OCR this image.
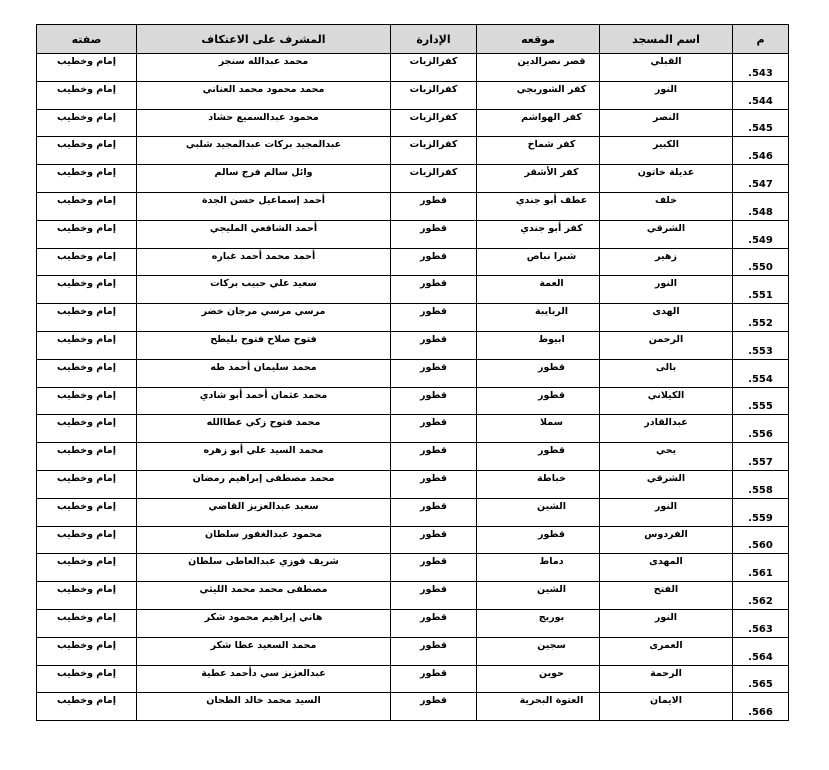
م	اسم المسجد	موقعه	الإدارة	المشرف على الاعتكاف	صفته
543.	القبلي	قصر نصرالدين	كفرالزيات	محمد عبدالله سنجر	إمام وخطيب
544.	النور	كفر الشوربجي	كفرالزيات	محمد محمود محمد العناني	إمام وخطيب
545.	النصر	كفر الهواشم	كفرالزيات	محمود عبدالسميع حشاد	إمام وخطيب
546.	الكبير	كفر شماخ	كفرالزيات	عبدالمجيد بركات عبدالمجيد شلبي	إمام وخطيب
547.	عديلة خاتون	كفر الأشقر	كفرالزيات	وائل سالم فرج سالم	إمام وخطيب
548.	خلف	عطف أبو جندي	قطور	أحمد إسماعيل حسن الجدة	إمام وخطيب
549.	الشرقي	كفر أبو جندي	قطور	أحمد الشافعي المليجي	إمام وخطيب
550.	زهير	شبرا نباص	قطور	أحمد محمد أحمد غباره	إمام وخطيب
551.	النور	العمة	قطور	سعيد علي حبيب بركات	إمام وخطيب
552.	الهدى	الربايبة	قطور	مرسي مرسي مرجان خضر	إمام وخطيب
553.	الرحمن	ابيوط	قطور	فتوح صلاح فتوح بليطح	إمام وخطيب
554.	بالى	قطور	قطور	محمد سليمان أحمد طه	إمام وخطيب
555.	الكيلاني	قطور	قطور	محمد عثمان أحمد أبو شادي	إمام وخطيب
556.	عبدالقادر	سملا	قطور	محمد فتوح زكي عطاالله	إمام وخطيب
557.	يحي	قطور	قطور	محمد السيد علي أبو زهره	إمام وخطيب
558.	الشرقي	خباطة	قطور	محمد مصطفى إبراهيم رمضان	إمام وخطيب
559.	النور	الشين	قطور	سعيد عبدالعزيز القاضي	إمام وخطيب
560.	الفردوس	قطور	قطور	محمود عبدالغفور سلطان	إمام وخطيب
561.	المهدى	دماط	قطور	شريف فوزي عبدالعاطى سلطان	إمام وخطيب
562.	الفتح	الشين	قطور	مصطفى محمد محمد الليثي	إمام وخطيب
563.	النور	بوريج	قطور	هاني إبراهيم محمود شكر	إمام وخطيب
564.	العمرى	سجين	قطور	محمد السعيد عطا شكر	إمام وخطيب
565.	الرحمة	حوين	قطور	عبدالعزيز سي دأحمد عطية	إمام وخطيب
566.	الايمان	العتوة البحرية	قطور	السيد محمد خالد الطحان	إمام وخطيب
